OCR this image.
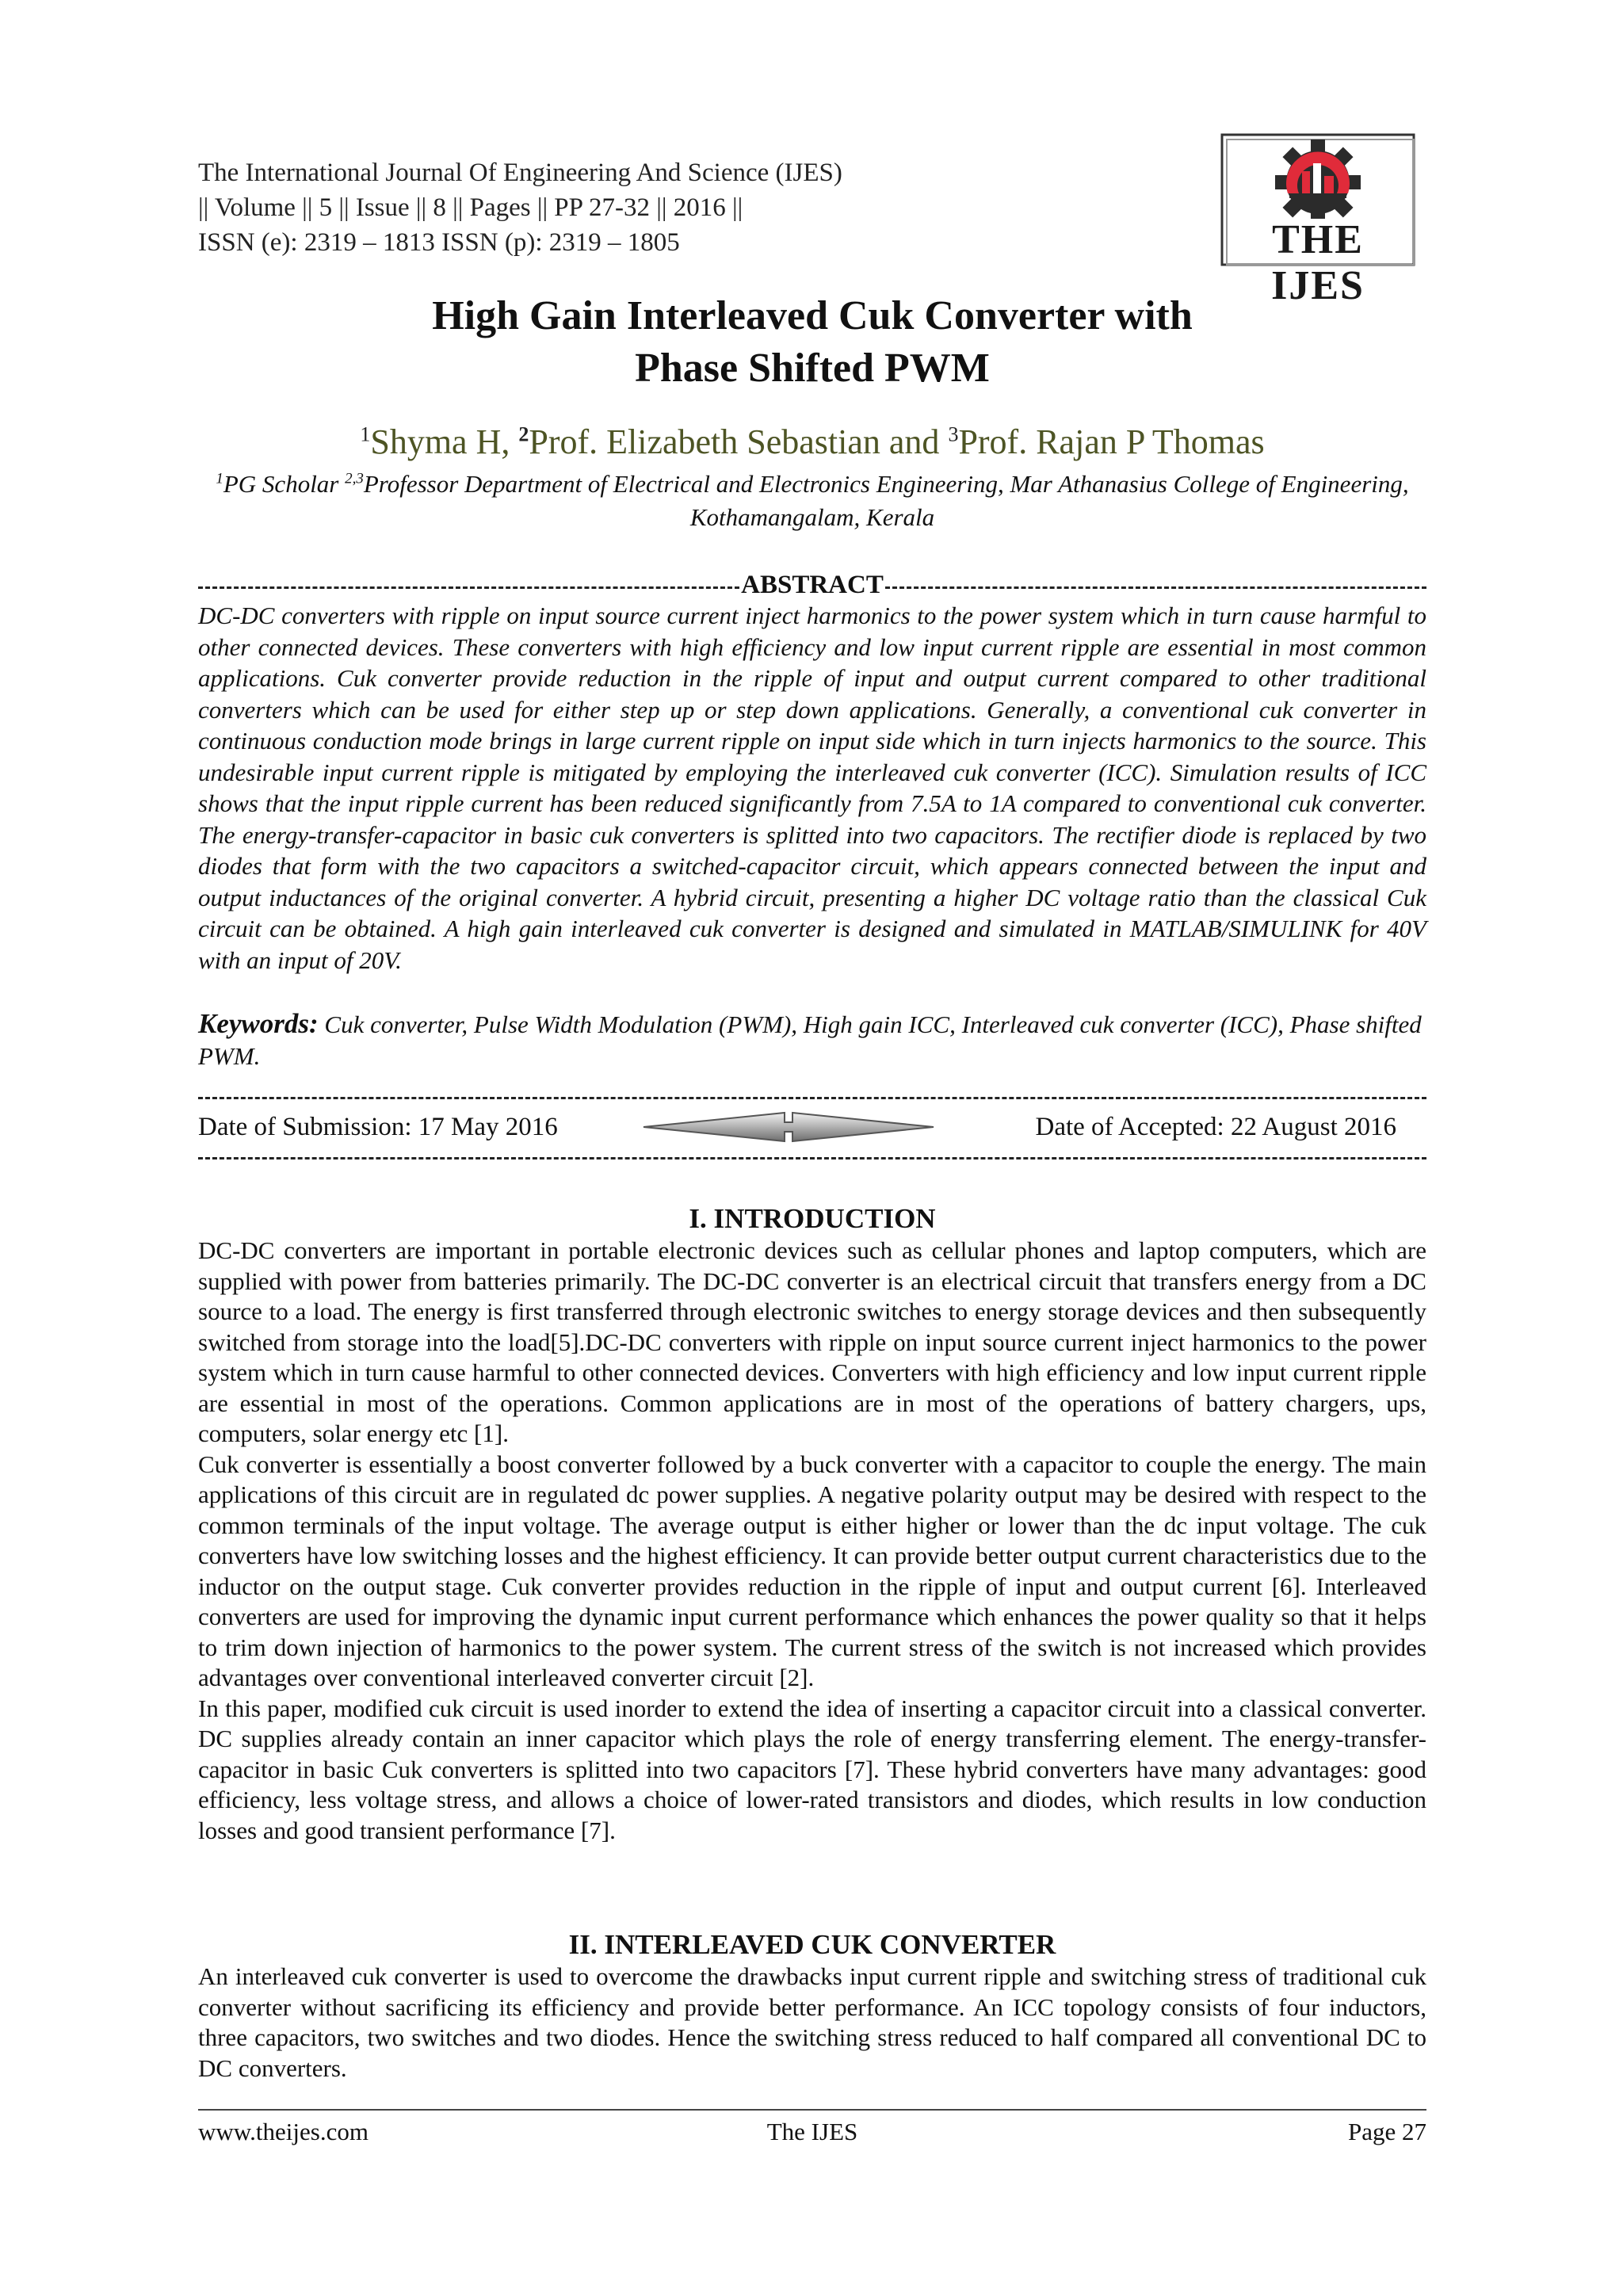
The International Journal Of Engineering And Science (IJES)
|| Volume || 5 || Issue || 8 || Pages || PP 27-32 || 2016 ||
ISSN (e): 2319 – 1813 ISSN (p): 2319 – 1805	THE IJES
High Gain Interleaved Cuk Converter with
Phase Shifted PWM
$^1$Shyma H, $^2$Prof. Elizabeth Sebastian and $^3$Prof. Rajan P Thomas
$^1$PG Scholar $^{2,3}$Professor Department of Electrical and Electronics Engineering, Mar Athanasius College of Engineering, Kothamangalam, Kerala
ABSTRACT
DC-DC converters with ripple on input source current inject harmonics to the power system which in turn cause harmful to other connected devices. These converters with high efficiency and low input current ripple are essential in most common applications. Cuk converter provide reduction in the ripple of input and output current compared to other traditional converters which can be used for either step up or step down applications. Generally, a conventional cuk converter in continuous conduction mode brings in large current ripple on input side which in turn injects harmonics to the source. This undesirable input current ripple is mitigated by employing the interleaved cuk converter (ICC). Simulation results of ICC shows that the input ripple current has been reduced significantly from 7.5A to 1A compared to conventional cuk converter. The energy-transfer-capacitor in basic cuk converters is splitted into two capacitors. The rectifier diode is replaced by two diodes that form with the two capacitors a switched-capacitor circuit, which appears connected between the input and output inductances of the original converter. A hybrid circuit, presenting a higher DC voltage ratio than the classical Cuk circuit can be obtained. A high gain interleaved cuk converter is designed and simulated in MATLAB/SIMULINK for 40V with an input of 20V.
Keywords: Cuk converter, Pulse Width Modulation (PWM), High gain ICC, Interleaved cuk converter (ICC), Phase shifted PWM.
Date of Submission: 17 May 2016	Date of Accepted: 22 August 2016
I. INTRODUCTION

DC-DC converters are important in portable electronic devices such as cellular phones and laptop computers, which are supplied with power from batteries primarily. The DC-DC converter is an electrical circuit that transfers energy from a DC source to a load. The energy is first transferred through electronic switches to energy storage devices and then subsequently switched from storage into the load[5].DC-DC converters with ripple on input source current inject harmonics to the power system which in turn cause harmful to other connected devices. Converters with high efficiency and low input current ripple are essential in most of the operations. Common applications are in most of the operations of battery chargers, ups, computers, solar energy etc [1].

Cuk converter is essentially a boost converter followed by a buck converter with a capacitor to couple the energy. The main applications of this circuit are in regulated dc power supplies. A negative polarity output may be desired with respect to the common terminals of the input voltage. The average output is either higher or lower than the dc input voltage. The cuk converters have low switching losses and the highest efficiency. It can provide better output current characteristics due to the inductor on the output stage. Cuk converter provides reduction in the ripple of input and output current [6]. Interleaved converters are used for improving the dynamic input current performance which enhances the power quality so that it helps to trim down injection of harmonics to the power system. The current stress of the switch is not increased which provides advantages over conventional interleaved converter circuit [2].

In this paper, modified cuk circuit is used inorder to extend the idea of inserting a capacitor circuit into a classical converter. DC supplies already contain an inner capacitor which plays the role of energy transferring element. The energy-transfer-capacitor in basic Cuk converters is splitted into two capacitors [7]. These hybrid converters have many advantages: good efficiency, less voltage stress, and allows a choice of lower-rated transistors and diodes, which results in low conduction losses and good transient performance [7].

II. INTERLEAVED CUK CONVERTER

An interleaved cuk converter is used to overcome the drawbacks input current ripple and switching stress of traditional cuk converter without sacrificing its efficiency and provide better performance. An ICC topology consists of four inductors, three capacitors, two switches and two diodes. Hence the switching stress reduced to half compared all conventional DC to DC converters.

www.theijes.com	The IJES	Page 27
